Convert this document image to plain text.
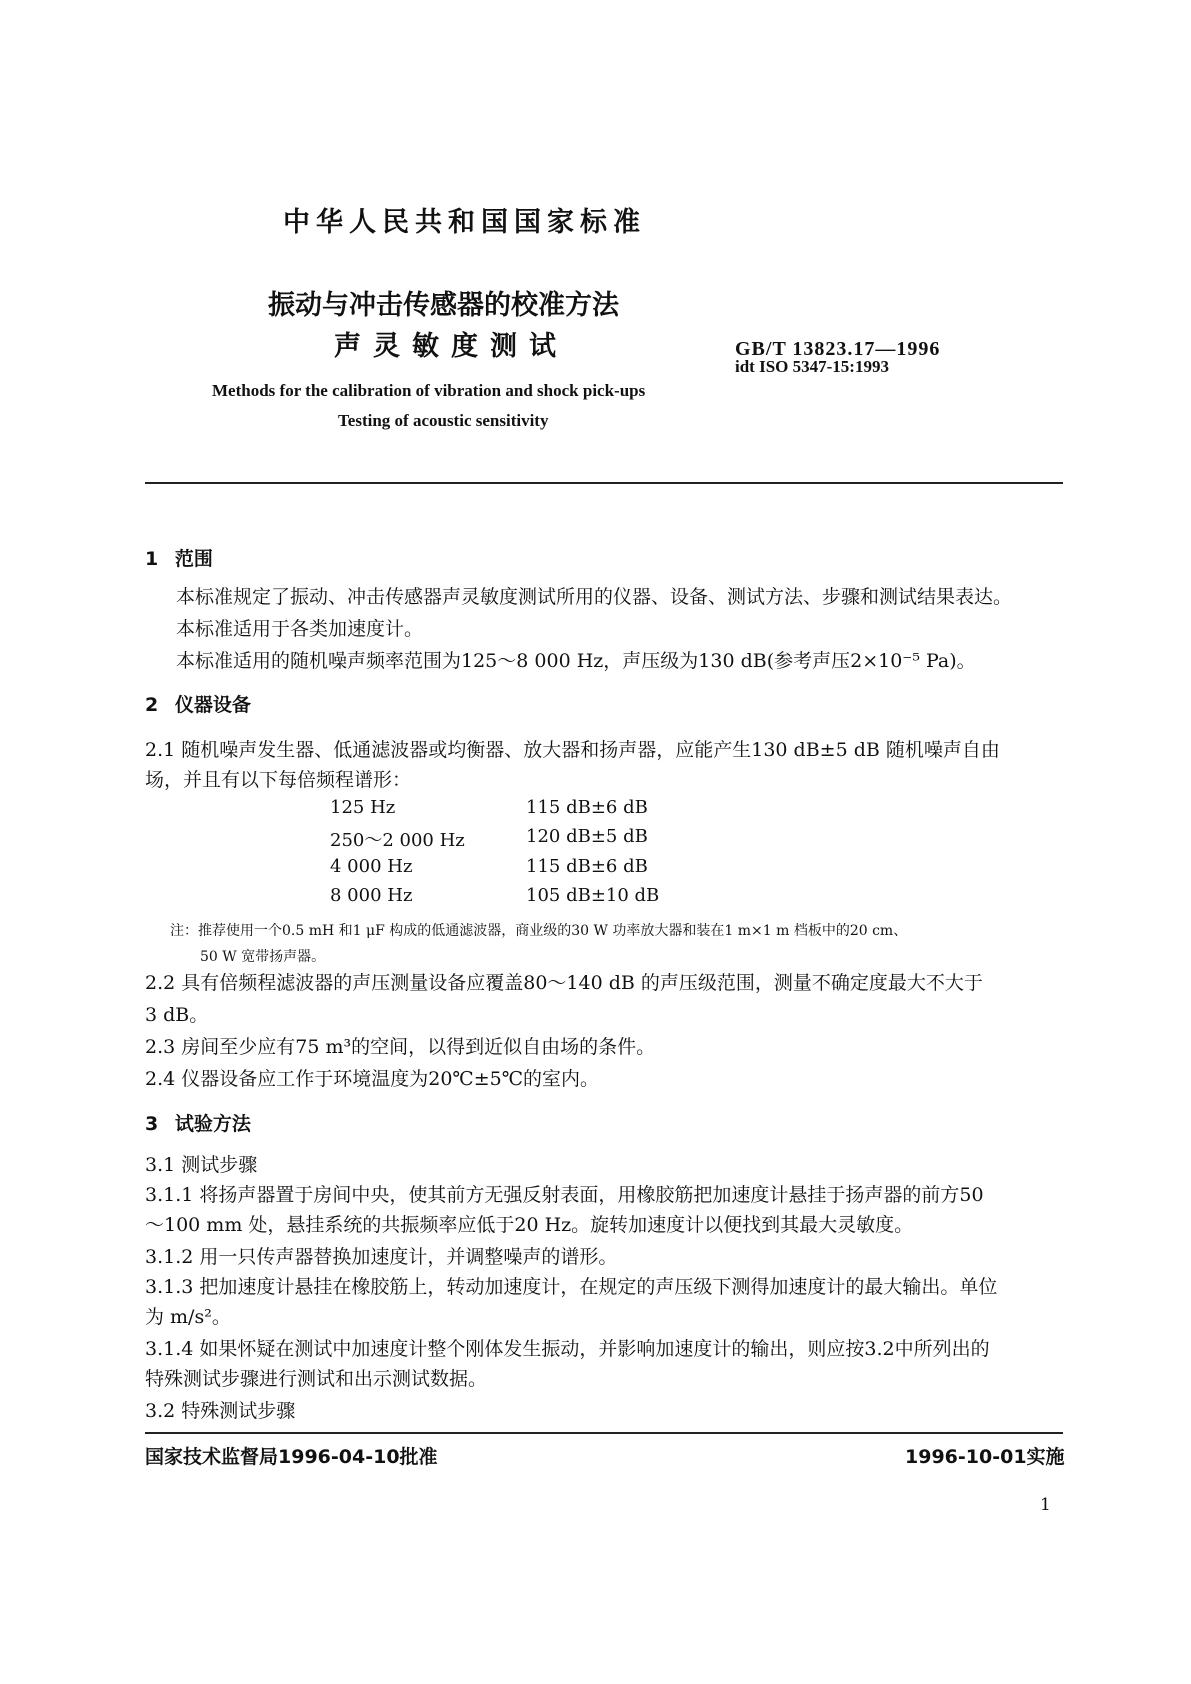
中华人民共和国国家标准
振动与冲击传感器的校准方法
声灵敏度测试	GB/T 13823.17—1996
idt ISO 5347-15:1993
Methods for the calibration of vibration and shock pick-ups
Testing of acoustic sensitivity
1 范围
本标准规定了振动、冲击传感器声灵敏度测试所用的仪器、设备、测试方法、步骤和测试结果表达。
本标准适用于各类加速度计。
本标准适用的随机噪声频率范围为125～8 000 Hz，声压级为130 dB(参考声压2×10⁻⁵ Pa)。
2 仪器设备
2.1 随机噪声发生器、低通滤波器或均衡器、放大器和扬声器，应能产生130 dB±5 dB 随机噪声自由
场，并且有以下每倍频程谱形：
125 Hz	115 dB±6 dB
250～2 000 Hz	120 dB±5 dB
4 000 Hz	115 dB±6 dB
8 000 Hz	105 dB±10 dB
注：推荐使用一个0.5 mH 和1 μF 构成的低通滤波器，商业级的30 W 功率放大器和装在1 m×1 m 档板中的20 cm、
50 W 宽带扬声器。
2.2 具有倍频程滤波器的声压测量设备应覆盖80～140 dB 的声压级范围，测量不确定度最大不大于
3 dB。
2.3 房间至少应有75 m³的空间，以得到近似自由场的条件。
2.4 仪器设备应工作于环境温度为20℃±5℃的室内。
3 试验方法
3.1 测试步骤
3.1.1 将扬声器置于房间中央，使其前方无强反射表面，用橡胶筋把加速度计悬挂于扬声器的前方50
～100 mm 处，悬挂系统的共振频率应低于20 Hz。旋转加速度计以便找到其最大灵敏度。
3.1.2 用一只传声器替换加速度计，并调整噪声的谱形。
3.1.3 把加速度计悬挂在橡胶筋上，转动加速度计，在规定的声压级下测得加速度计的最大输出。单位
为 m/s²。
3.1.4 如果怀疑在测试中加速度计整个刚体发生振动，并影响加速度计的输出，则应按3.2中所列出的
特殊测试步骤进行测试和出示测试数据。
3.2 特殊测试步骤
国家技术监督局1996-04-10批准	1996-10-01实施
1
